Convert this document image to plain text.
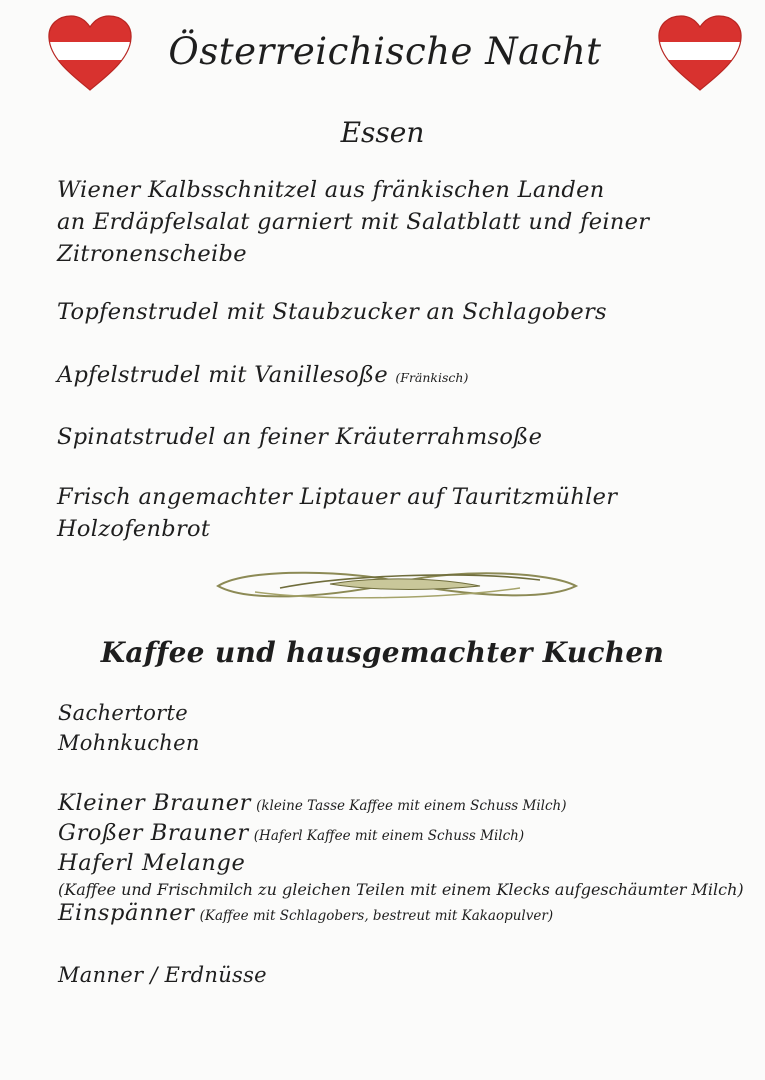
Österreichische Nacht
Essen
Wiener Kalbsschnitzel aus fränkischen Landen
an Erdäpfelsalat garniert mit Salatblatt und feiner
Zitronenscheibe
Topfenstrudel mit Staubzucker an Schlagobers
Apfelstrudel mit Vanillesoße (Fränkisch)
Spinatstrudel an feiner Kräuterrahmsoße
Frisch angemachter Liptauer auf Tauritzmühler
Holzofenbrot
Kaffee und hausgemachter Kuchen
Sachertorte
Mohnkuchen
Kleiner Brauner (kleine Tasse Kaffee mit einem Schuss Milch)
Großer Brauner (Haferl Kaffee mit einem Schuss Milch)
Haferl Melange
(Kaffee und Frischmilch zu gleichen Teilen mit einem Klecks aufgeschäumter Milch)
Einspänner (Kaffee mit Schlagobers, bestreut mit Kakaopulver)
Manner / Erdnüsse
